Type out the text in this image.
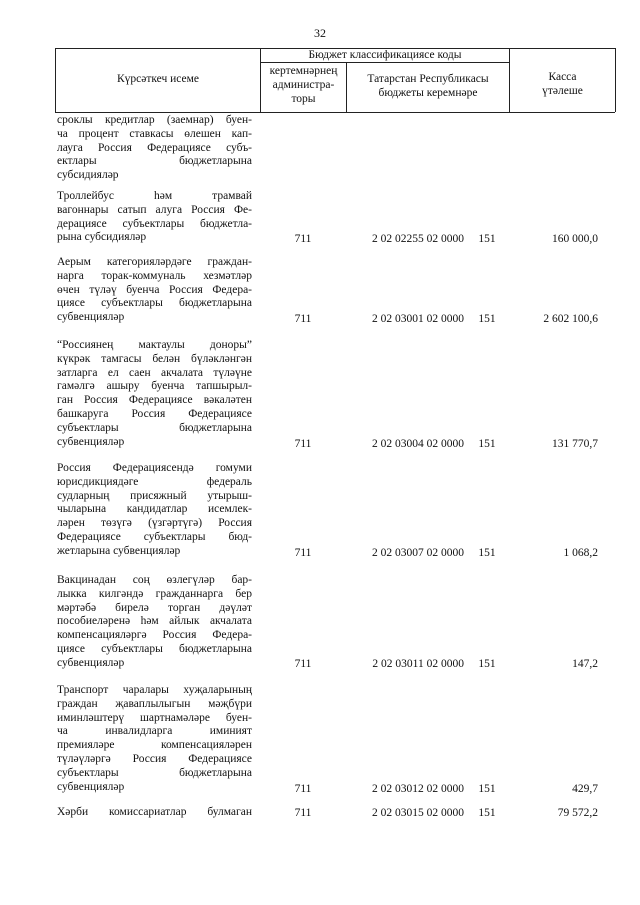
32
Күрсәткеч исеме
Бюджет классификациясе коды
кертемнәрнең
администра-
торы
Татарстан Республикасы
бюджеты керемнәре
Касса
үтәлеше
сроклы кредитлар (заемнар) буен-
ча процент ставкасы өлешен кап-
лауга Россия Федерациясе субъ-
ектлары бюджетларына
субсидияләр
Троллейбус һәм трамвай
вагоннары сатып алуга Россия Фе-
дерациясе субъектлары бюджетла-
рына субсидияләр	711	2 02 02255 02 0000	151	160 000,0
Аерым категорияләрдәге граждан-
нарга торак-коммуналь хезмәтләр
өчен түләү буенча Россия Федера-
циясе субъектлары бюджетларына
субвенцияләр	711	2 02 03001 02 0000	151	2 602 100,6
“Россиянең мактаулы доноры”
күкрәк тамгасы белән бүләкләнгән
затларга ел саен акчалата түләүне
гамәлгә ашыру буенча тапшырыл-
ган Россия Федерациясе вәкаләтен
башкаруга Россия Федерациясе
субъектлары бюджетларына
субвенцияләр	711	2 02 03004 02 0000	151	131 770,7
Россия Федерациясендә гомуми
юрисдикциядәге федераль
судларның присяжный утырыш-
чыларына кандидатлар исемлек-
ләрен төзүгә (үзгәртүгә) Россия
Федерациясе субъектлары бюд-
жетларына субвенцияләр	711	2 02 03007 02 0000	151	1 068,2
Вакцинадан соң өзлегүләр бар-
лыкка килгәндә гражданнарга бер
мәртәбә бирелә торган дәүләт
пособиеләренә һәм айлык акчалата
компенсацияләргә Россия Федера-
циясе субъектлары бюджетларына
субвенцияләр	711	2 02 03011 02 0000	151	147,2
Транспорт чаралары хуҗаларының
граждан җаваплылыгын мәҗбүри
иминләштерү шартнамәләре буен-
ча инвалидларга иминият
премияләре компенсацияләрен
түләүләргә Россия Федерациясе
субъектлары бюджетларына
субвенцияләр	711	2 02 03012 02 0000	151	429,7
Хәрби комиссариатлар булмаган	711	2 02 03015 02 0000	151	79 572,2
